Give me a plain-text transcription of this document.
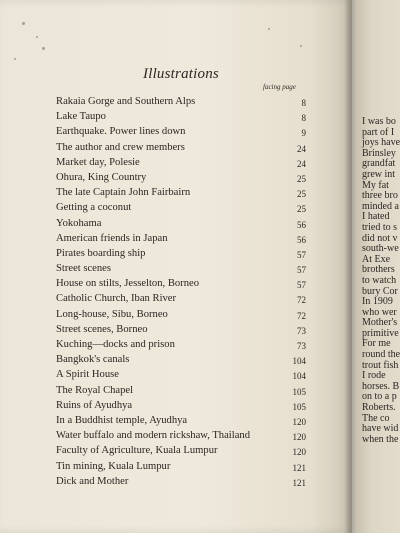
Illustrations
facing page
Rakaia Gorge and Southern Alps	8
Lake Taupo	8
Earthquake. Power lines down	9
The author and crew members	24
Market day, Polesie	24
Ohura, King Country	25
The late Captain John Fairbairn	25
Getting a coconut	25
Yokohama	56
American friends in Japan	56
Pirates boarding ship	57
Street scenes	57
House on stilts, Jesselton, Borneo	57
Catholic Church, Iban River	72
Long-house, Sibu, Borneo	72
Street scenes, Borneo	73
Kuching—docks and prison	73
Bangkok's canals	104
A Spirit House	104
The Royal Chapel	105
Ruins of Ayudhya	105
In a Buddhist temple, Ayudhya	120
Water buffalo and modern rickshaw, Thailand	120
Faculty of Agriculture, Kuala Lumpur	120
Tin mining, Kuala Lumpur	121
Dick and Mother	121
I was bo
part of I
joys have
Brinsley
grandfat
grew int
My fat
three bro
minded a
I hated
tried to s
did not v
south-we
At Exe
brothers
to watch
bury Cor
In 1909
who wer
Mother's
primitive
For me
round the
trout fish
I rode
horses. B
on to a p
Roberts.
The co
have wid
when the
